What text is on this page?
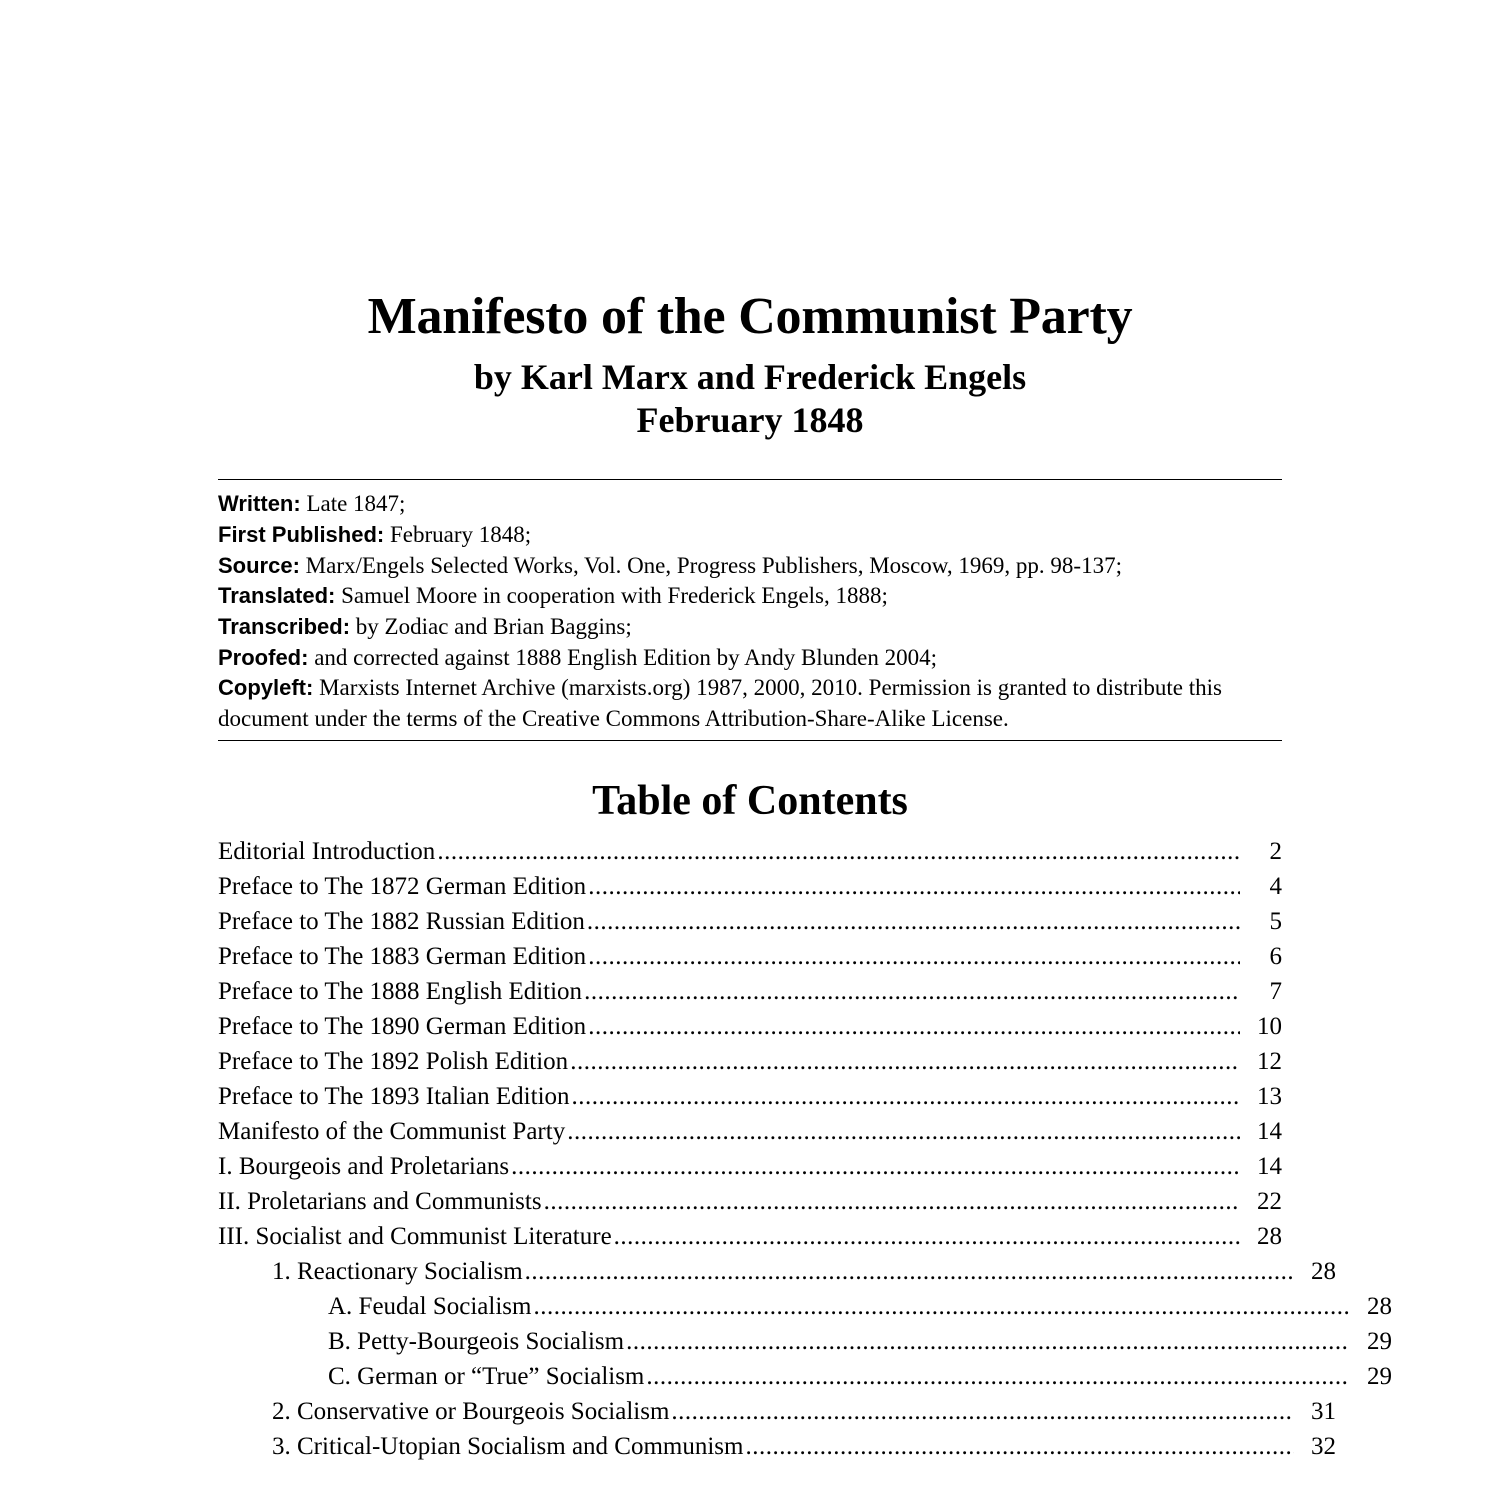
Manifesto of the Communist Party
by Karl Marx and Frederick Engels
February 1848
Written: Late 1847;
First Published: February 1848;
Source: Marx/Engels Selected Works, Vol. One, Progress Publishers, Moscow, 1969, pp. 98-137;
Translated: Samuel Moore in cooperation with Frederick Engels, 1888;
Transcribed: by Zodiac and Brian Baggins;
Proofed: and corrected against 1888 English Edition by Andy Blunden 2004;
Copyleft: Marxists Internet Archive (marxists.org) 1987, 2000, 2010. Permission is granted to distribute this document under the terms of the Creative Commons Attribution-Share-Alike License.
Table of Contents
Editorial Introduction .....	2
Preface to The 1872 German Edition .....	4
Preface to The 1882 Russian Edition .....	5
Preface to The 1883 German Edition .....	6
Preface to The 1888 English Edition .....	7
Preface to The 1890 German Edition .....	10
Preface to The 1892 Polish Edition .....	12
Preface to The 1893 Italian Edition .....	13
Manifesto of the Communist Party .....	14
I. Bourgeois and Proletarians .....	14
II. Proletarians and Communists .....	22
III. Socialist and Communist Literature .....	28
1. Reactionary Socialism .....	28
A. Feudal Socialism .....	28
B. Petty-Bourgeois Socialism .....	29
C. German or “True” Socialism .....	29
2. Conservative or Bourgeois Socialism .....	31
3. Critical-Utopian Socialism and Communism .....	32
